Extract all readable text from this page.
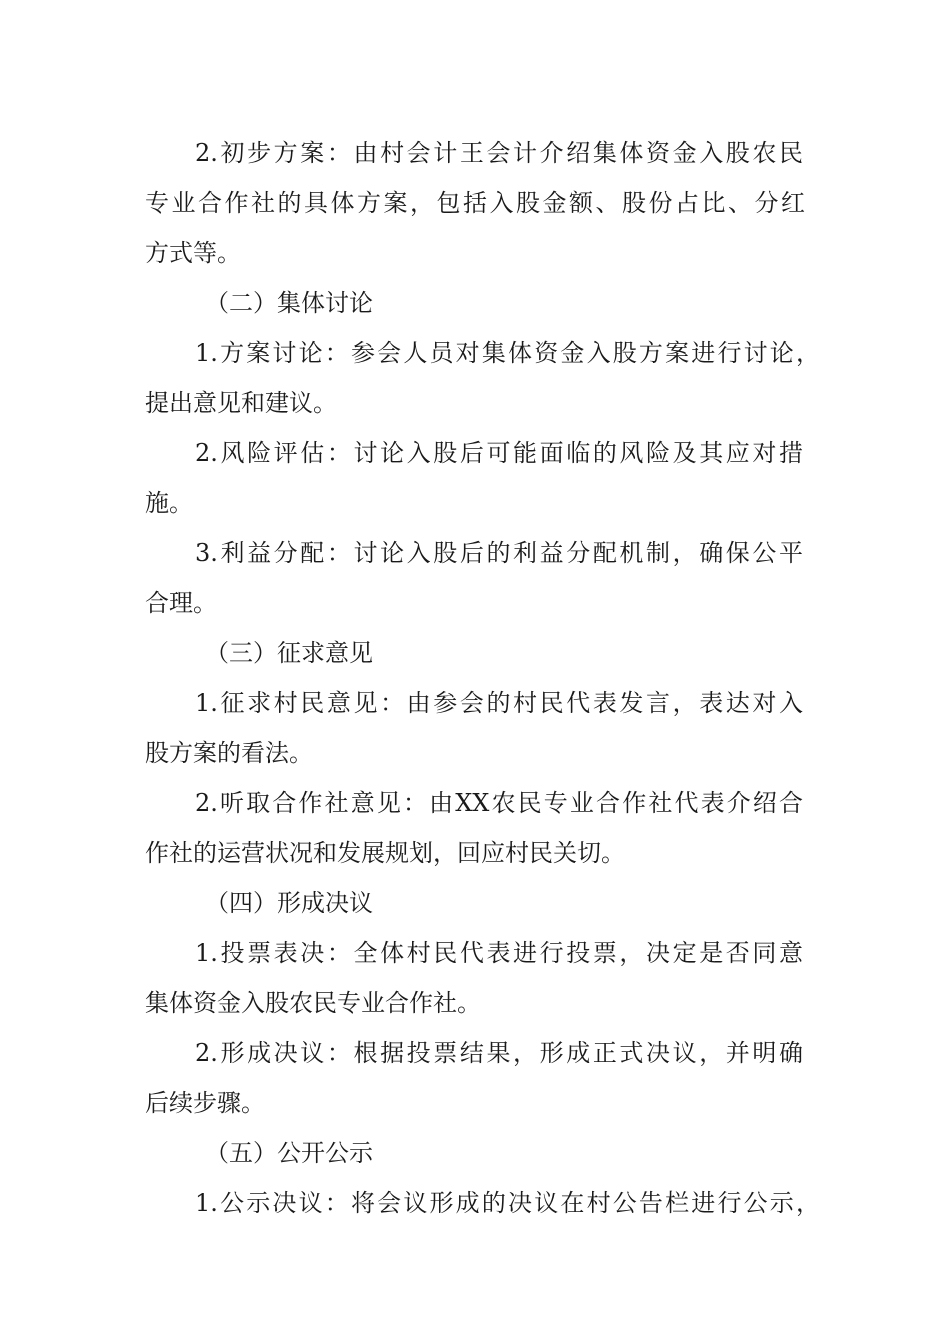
2.初步方案：由村会计王会计介绍集体资金入股农民
专业合作社的具体方案，包括入股金额、股份占比、分红
方式等。
（二）集体讨论
1.方案讨论：参会人员对集体资金入股方案进行讨论，
提出意见和建议。
2.风险评估：讨论入股后可能面临的风险及其应对措
施。
3.利益分配：讨论入股后的利益分配机制，确保公平
合理。
（三）征求意见
1.征求村民意见：由参会的村民代表发言，表达对入
股方案的看法。
2.听取合作社意见：由XX农民专业合作社代表介绍合
作社的运营状况和发展规划，回应村民关切。
（四）形成决议
1.投票表决：全体村民代表进行投票，决定是否同意
集体资金入股农民专业合作社。
2.形成决议：根据投票结果，形成正式决议，并明确
后续步骤。
（五）公开公示
1.公示决议：将会议形成的决议在村公告栏进行公示，
